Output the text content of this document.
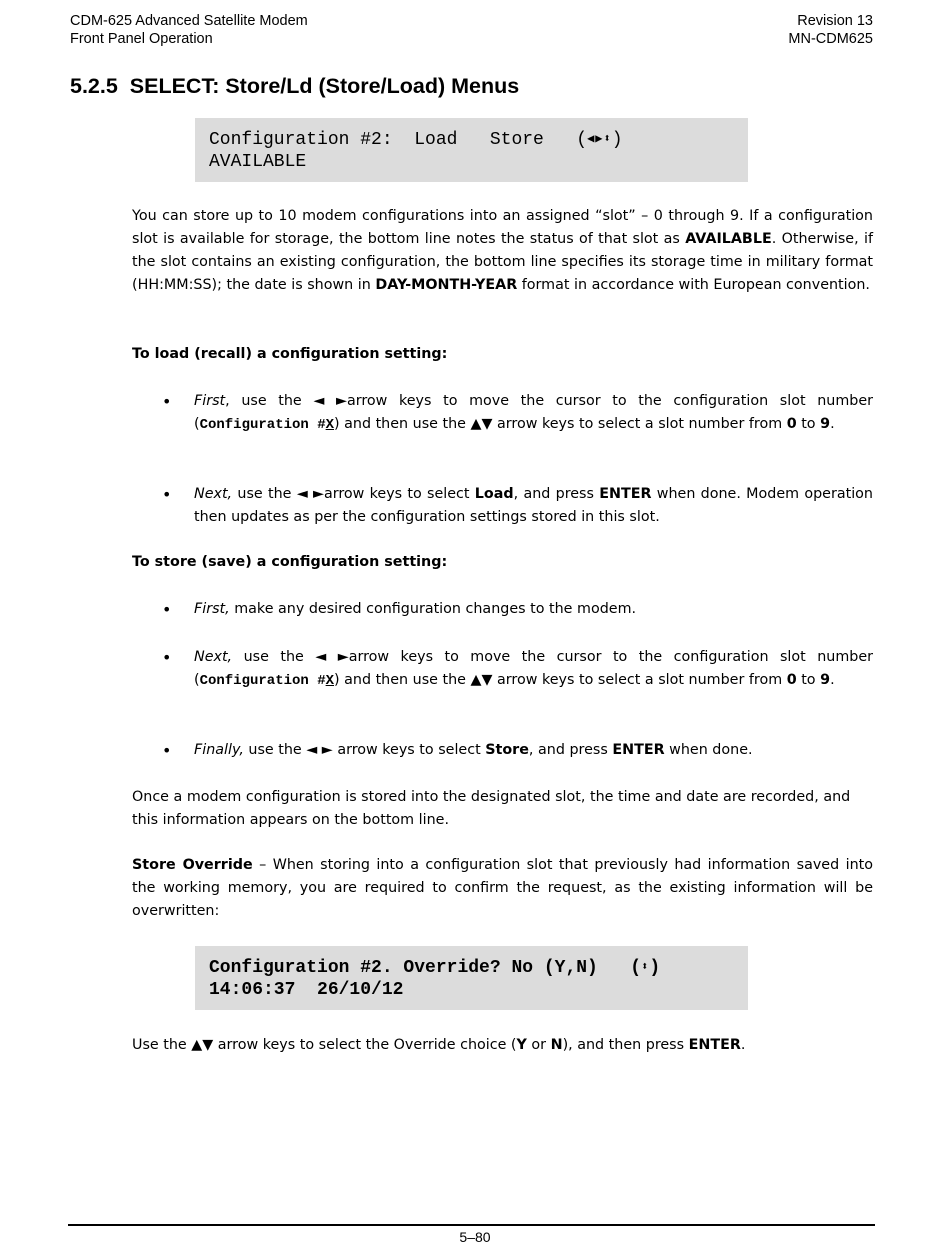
CDM-625 Advanced Satellite Modem
Front Panel Operation
Revision 13
MN-CDM625
5.2.5 SELECT: Store/Ld (Store/Load) Menus
Configuration #2:  Load   Store   (◀▶⬍)
AVAILABLE
You can store up to 10 modem configurations into an assigned “slot” – 0 through 9. If a configuration slot is available for storage, the bottom line notes the status of that slot as AVAILABLE. Otherwise, if the slot contains an existing configuration, the bottom line specifies its storage time in military format (HH:MM:SS); the date is shown in DAY-MONTH-YEAR format in accordance with European convention.
To load (recall) a configuration setting:
• First, use the ◄ ►arrow keys to move the cursor to the configuration slot number (Configuration #X) and then use the ▲▼ arrow keys to select a slot number from 0 to 9.
• Next, use the ◄ ►arrow keys to select Load, and press ENTER when done. Modem operation then updates as per the configuration settings stored in this slot.
To store (save) a configuration setting:
• First, make any desired configuration changes to the modem.
• Next, use the ◄ ►arrow keys to move the cursor to the configuration slot number (Configuration #X) and then use the ▲▼ arrow keys to select a slot number from 0 to 9.
• Finally, use the ◄ ► arrow keys to select Store, and press ENTER when done.
Once a modem configuration is stored into the designated slot, the time and date are recorded, and this information appears on the bottom line.
Store Override – When storing into a configuration slot that previously had information saved into the working memory, you are required to confirm the request, as the existing information will be overwritten:
Configuration #2. Override? No (Y,N)   (⬍)
14:06:37  26/10/12
Use the ▲▼ arrow keys to select the Override choice (Y or N), and then press ENTER.
5–80
